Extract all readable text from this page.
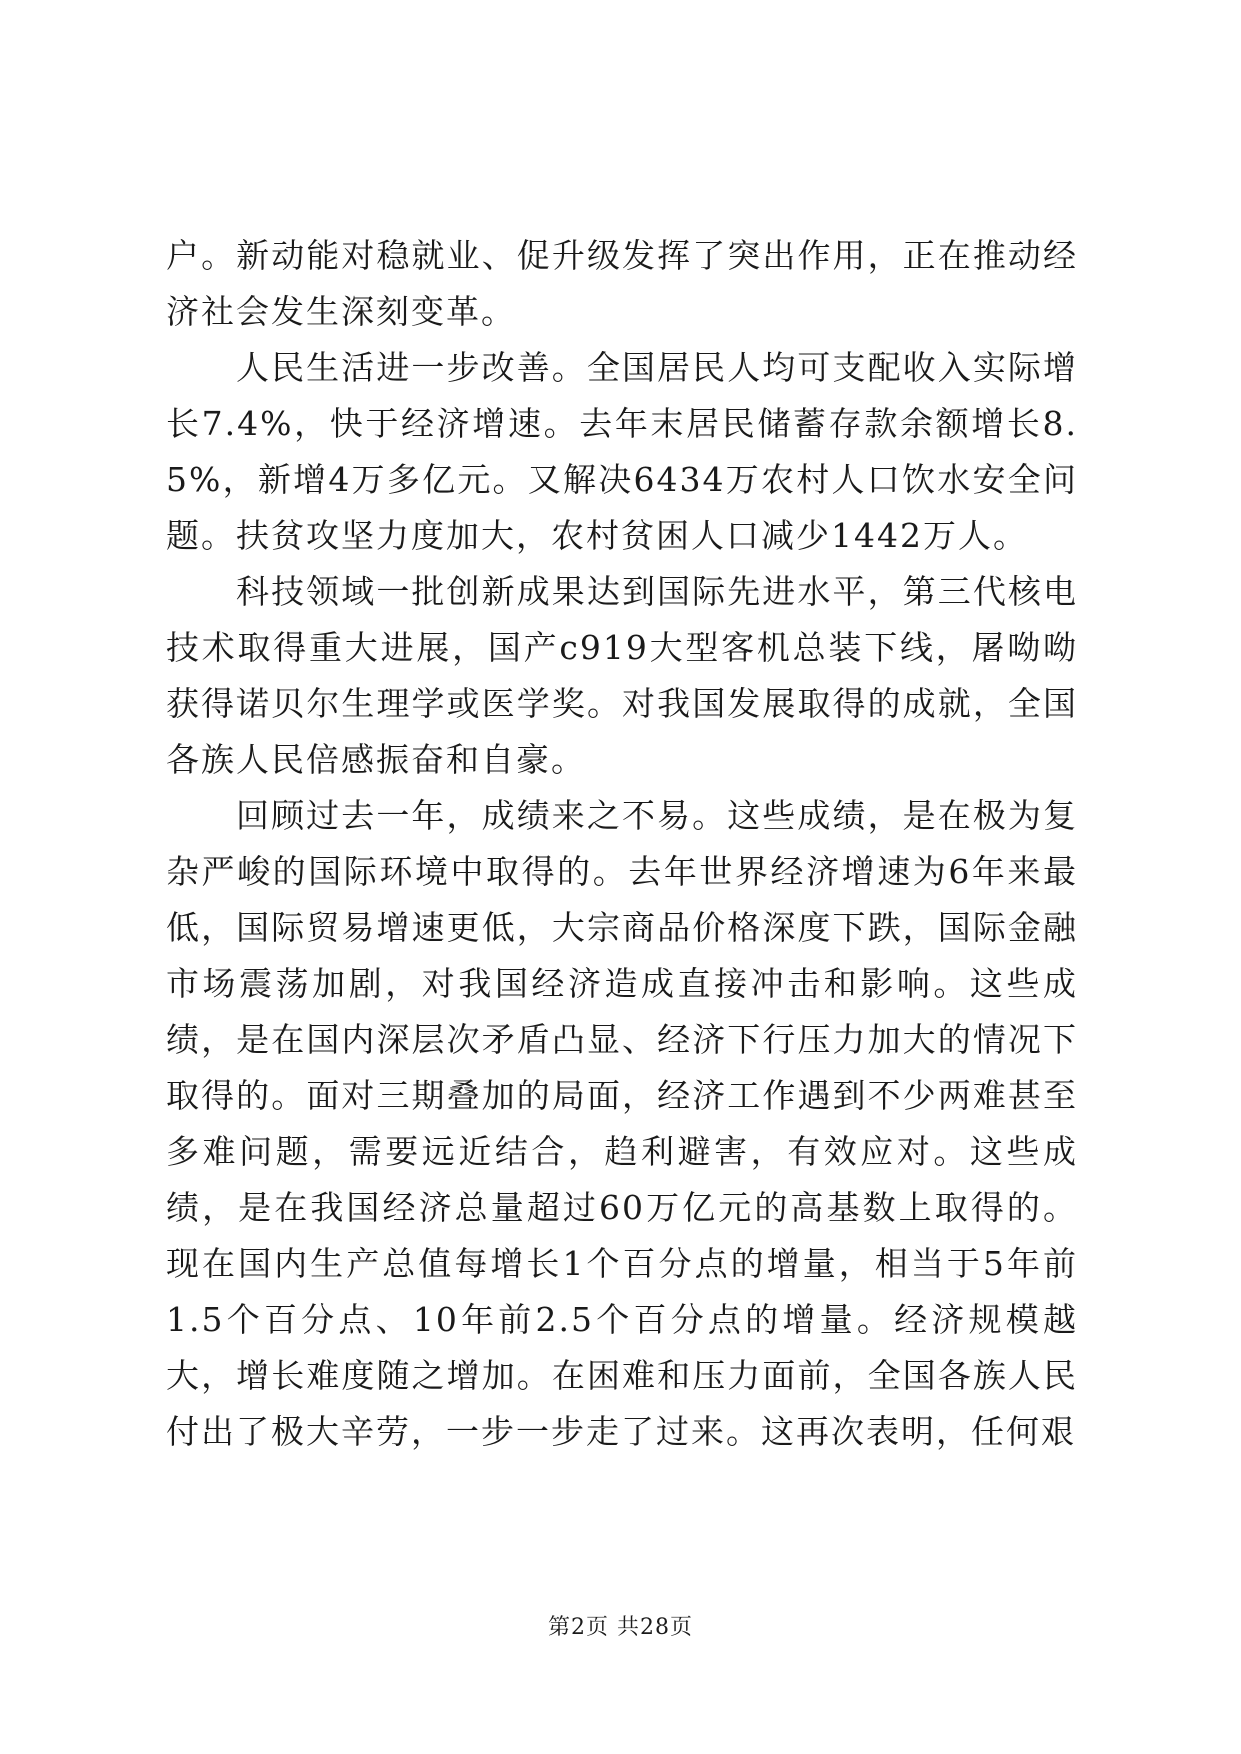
户。新动能对稳就业、促升级发挥了突出作用，正在推动经济社会发生深刻变革。

人民生活进一步改善。全国居民人均可支配收入实际增长7.4%，快于经济增速。去年末居民储蓄存款余额增长8.5%，新增4万多亿元。又解决6434万农村人口饮水安全问题。扶贫攻坚力度加大，农村贫困人口减少1442万人。

科技领域一批创新成果达到国际先进水平，第三代核电技术取得重大进展，国产c919大型客机总装下线，屠呦呦获得诺贝尔生理学或医学奖。对我国发展取得的成就，全国各族人民倍感振奋和自豪。

回顾过去一年，成绩来之不易。这些成绩，是在极为复杂严峻的国际环境中取得的。去年世界经济增速为6年来最低，国际贸易增速更低，大宗商品价格深度下跌，国际金融市场震荡加剧，对我国经济造成直接冲击和影响。这些成绩，是在国内深层次矛盾凸显、经济下行压力加大的情况下取得的。面对三期叠加的局面，经济工作遇到不少两难甚至多难问题，需要远近结合，趋利避害，有效应对。这些成绩，是在我国经济总量超过60万亿元的高基数上取得的。现在国内生产总值每增长1个百分点的增量，相当于5年前1.5个百分点、10年前2.5个百分点的增量。经济规模越大，增长难度随之增加。在困难和压力面前，全国各族人民付出了极大辛劳，一步一步走了过来。这再次表明，任何艰

第2页 共28页
